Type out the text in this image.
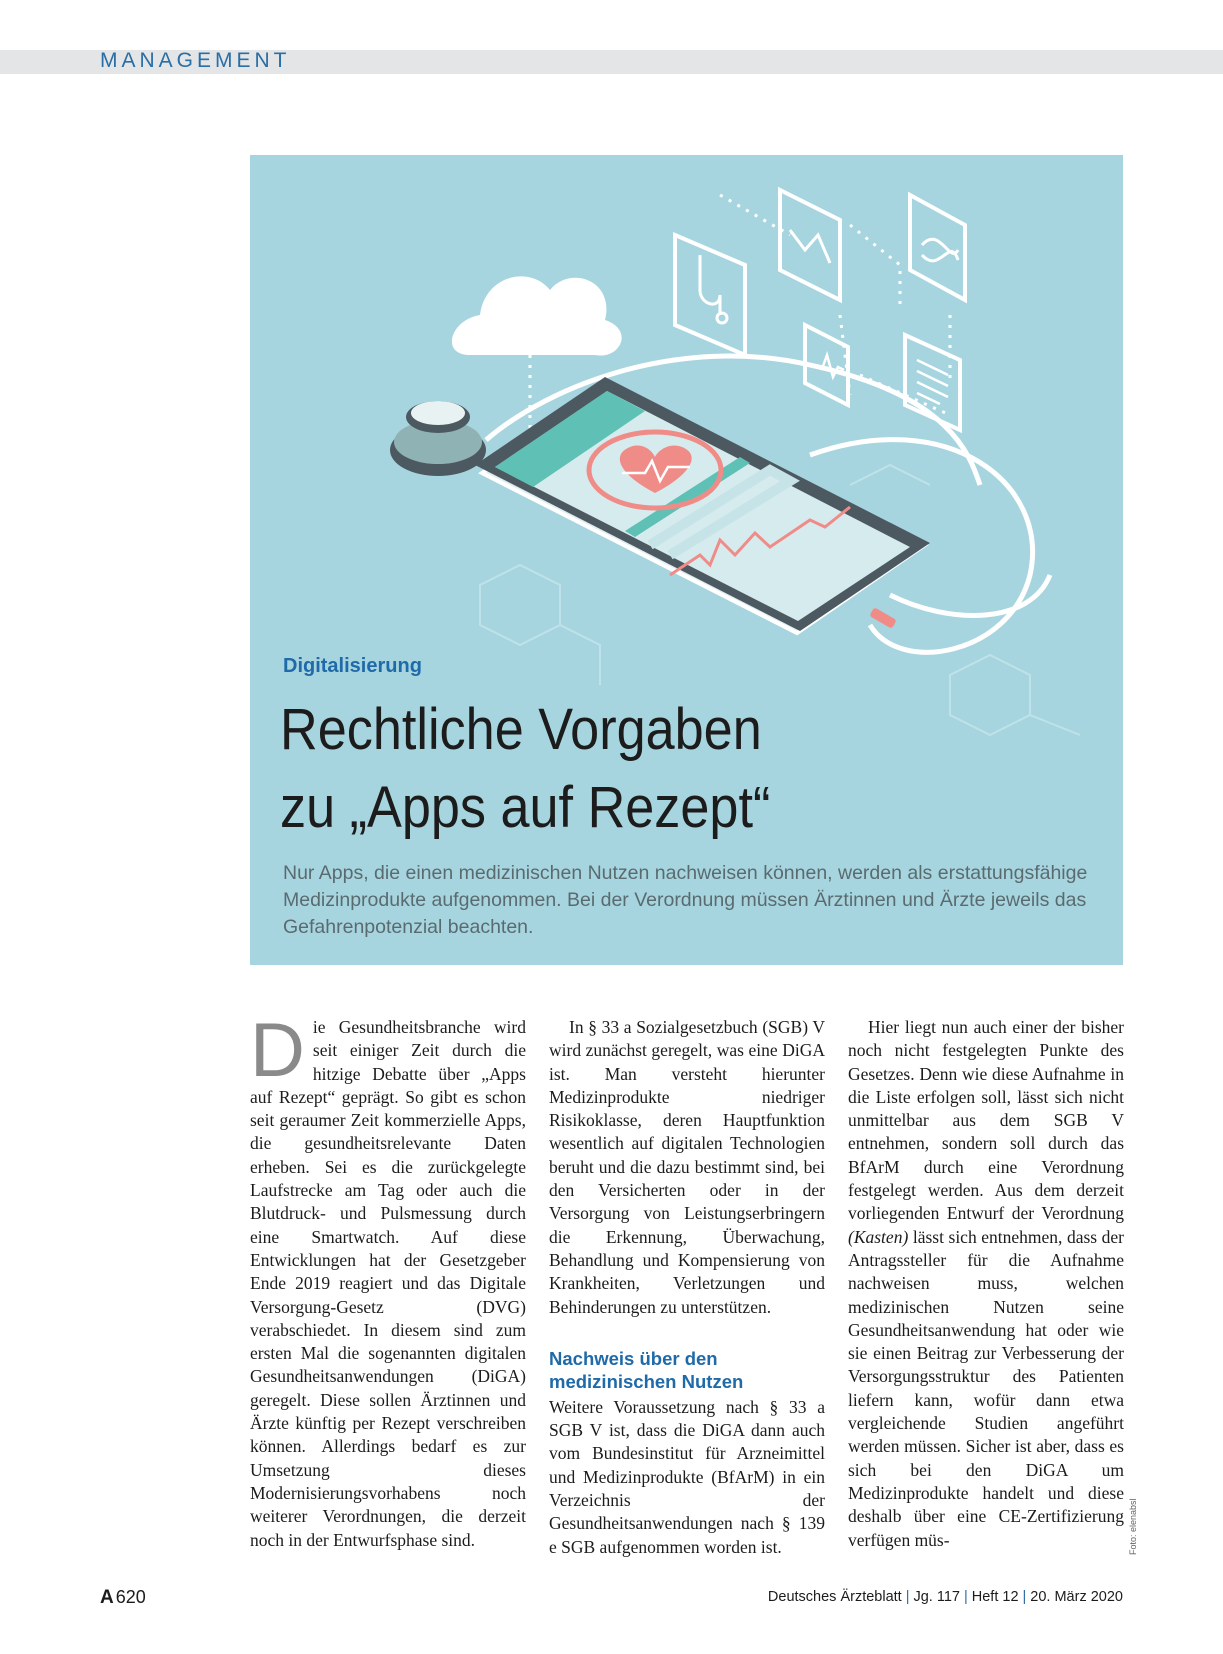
MANAGEMENT
Digitalisierung
Rechtliche Vorgaben
zu „Apps auf Rezept“
Nur Apps, die einen medizinischen Nutzen nachweisen können, werden als erstattungsfähige Medizinprodukte aufgenommen. Bei der Verordnung müssen Ärztinnen und Ärzte jeweils das Gefahrenpotenzial beachten.

Die Gesundheitsbranche wird seit einiger Zeit durch die hitzige Debatte über „Apps auf Rezept“ geprägt. So gibt es schon seit geraumer Zeit kommerzielle Apps, die gesundheitsrelevante Daten erheben. Sei es die zurückgelegte Laufstrecke am Tag oder auch die Blutdruck- und Pulsmessung durch eine Smartwatch. Auf diese Entwicklungen hat der Gesetzgeber Ende 2019 reagiert und das Digitale Versorgung-Gesetz (DVG) verabschiedet. In diesem sind zum ersten Mal die sogenannten digitalen Gesundheitsanwendungen (DiGA) geregelt. Diese sollen Ärztinnen und Ärzte künftig per Rezept verschreiben können. Allerdings bedarf es zur Umsetzung dieses Modernisierungsvorhabens noch weiterer Verordnungen, die derzeit noch in der Entwurfsphase sind.

In § 33 a Sozialgesetzbuch (SGB) V wird zunächst geregelt, was eine DiGA ist. Man versteht hierunter Medizinprodukte niedriger Risikoklasse, deren Hauptfunktion wesentlich auf digitalen Technologien beruht und die dazu bestimmt sind, bei den Versicherten oder in der Versorgung von Leistungserbringern die Erkennung, Überwachung, Behandlung und Kompensierung von Krankheiten, Verletzungen und Behinderungen zu unterstützen.

Nachweis über den
medizinischen Nutzen

Weitere Voraussetzung nach § 33 a SGB V ist, dass die DiGA dann auch vom Bundesinstitut für Arzneimittel und Medizinprodukte (BfArM) in ein Verzeichnis der Gesundheitsanwendungen nach § 139 e SGB aufgenommen worden ist.

Hier liegt nun auch einer der bisher noch nicht festgelegten Punkte des Gesetzes. Denn wie diese Aufnahme in die Liste erfolgen soll, lässt sich nicht unmittelbar aus dem SGB V entnehmen, sondern soll durch das BfArM durch eine Verordnung festgelegt werden. Aus dem derzeit vorliegenden Entwurf der Verordnung (Kasten) lässt sich entnehmen, dass der Antragssteller für die Aufnahme nachweisen muss, welchen medizinischen Nutzen seine Gesundheitsanwendung hat oder wie sie einen Beitrag zur Verbesserung der Versorgungsstruktur des Patienten liefern kann, wofür dann etwa vergleichende Studien angeführt werden müssen. Sicher ist aber, dass es sich bei den DiGA um Medizinprodukte handelt und diese deshalb über eine CE-Zertifizierung verfügen müs-	Foto: elenabsl
A 620	Deutsches Ärzteblatt | Jg. 117 | Heft 12 | 20. März 2020
